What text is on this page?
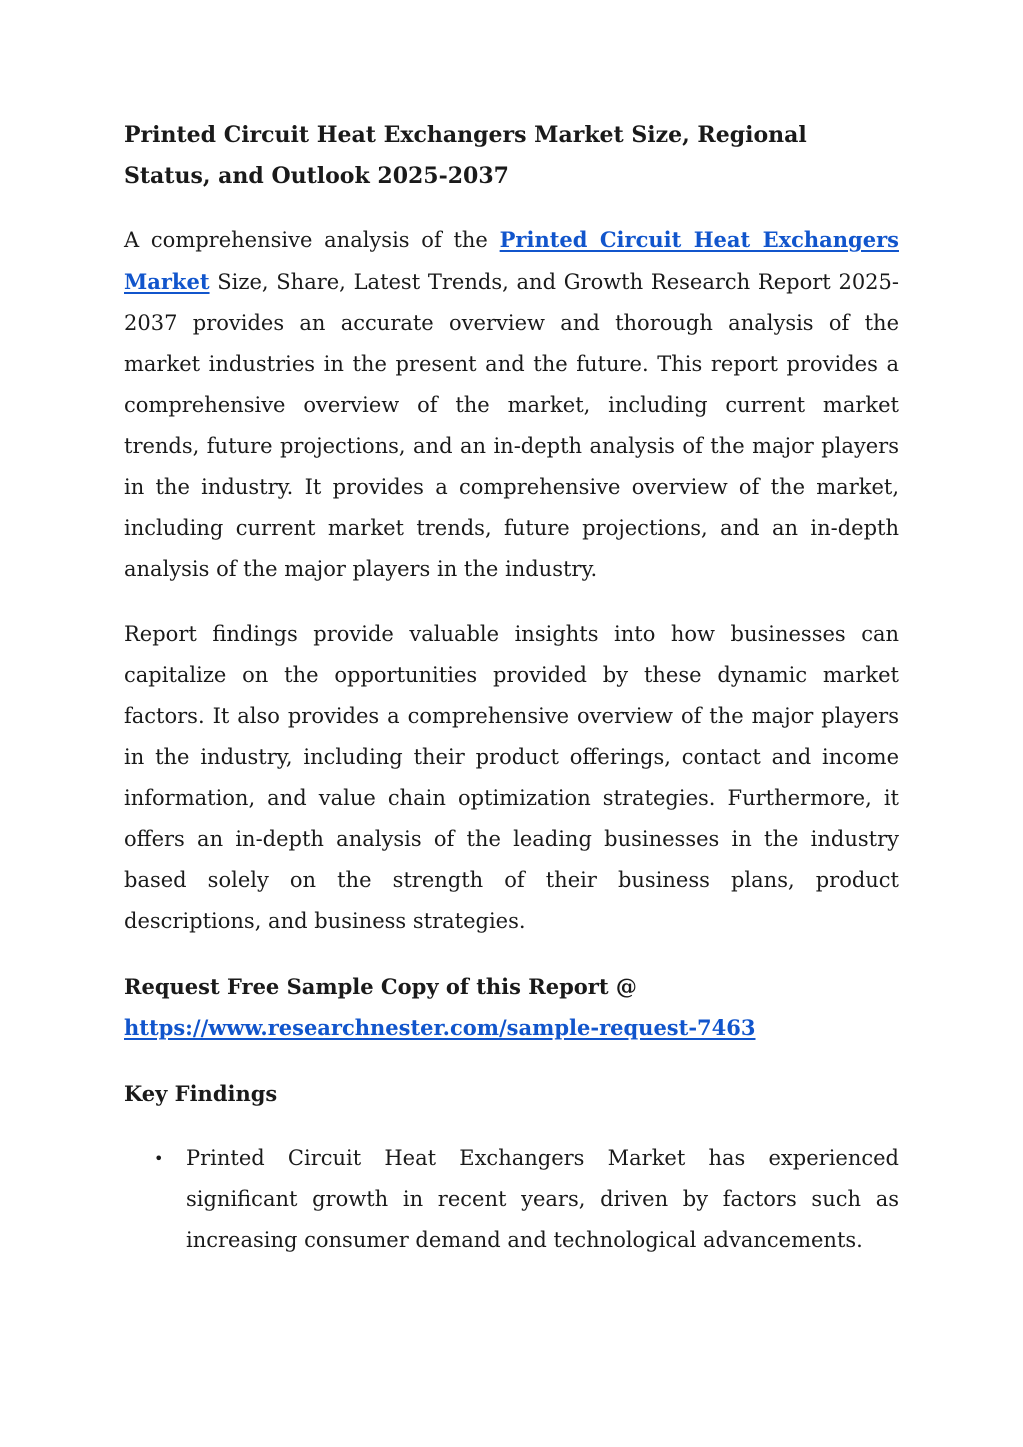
Printed Circuit Heat Exchangers Market Size, Regional Status, and Outlook 2025-2037

A comprehensive analysis of the Printed Circuit Heat Exchangers Market Size, Share, Latest Trends, and Growth Research Report 2025-2037 provides an accurate overview and thorough analysis of the market industries in the present and the future. This report provides a comprehensive overview of the market, including current market trends, future projections, and an in-depth analysis of the major players in the industry. It provides a comprehensive overview of the market, including current market trends, future projections, and an in-depth analysis of the major players in the industry.

Report findings provide valuable insights into how businesses can capitalize on the opportunities provided by these dynamic market factors. It also provides a comprehensive overview of the major players in the industry, including their product offerings, contact and income information, and value chain optimization strategies. Furthermore, it offers an in-depth analysis of the leading businesses in the industry based solely on the strength of their business plans, product descriptions, and business strategies.

Request Free Sample Copy of this Report @
https://www.researchnester.com/sample-request-7463
Key Findings
• Printed Circuit Heat Exchangers Market has experienced significant growth in recent years, driven by factors such as increasing consumer demand and technological advancements.
